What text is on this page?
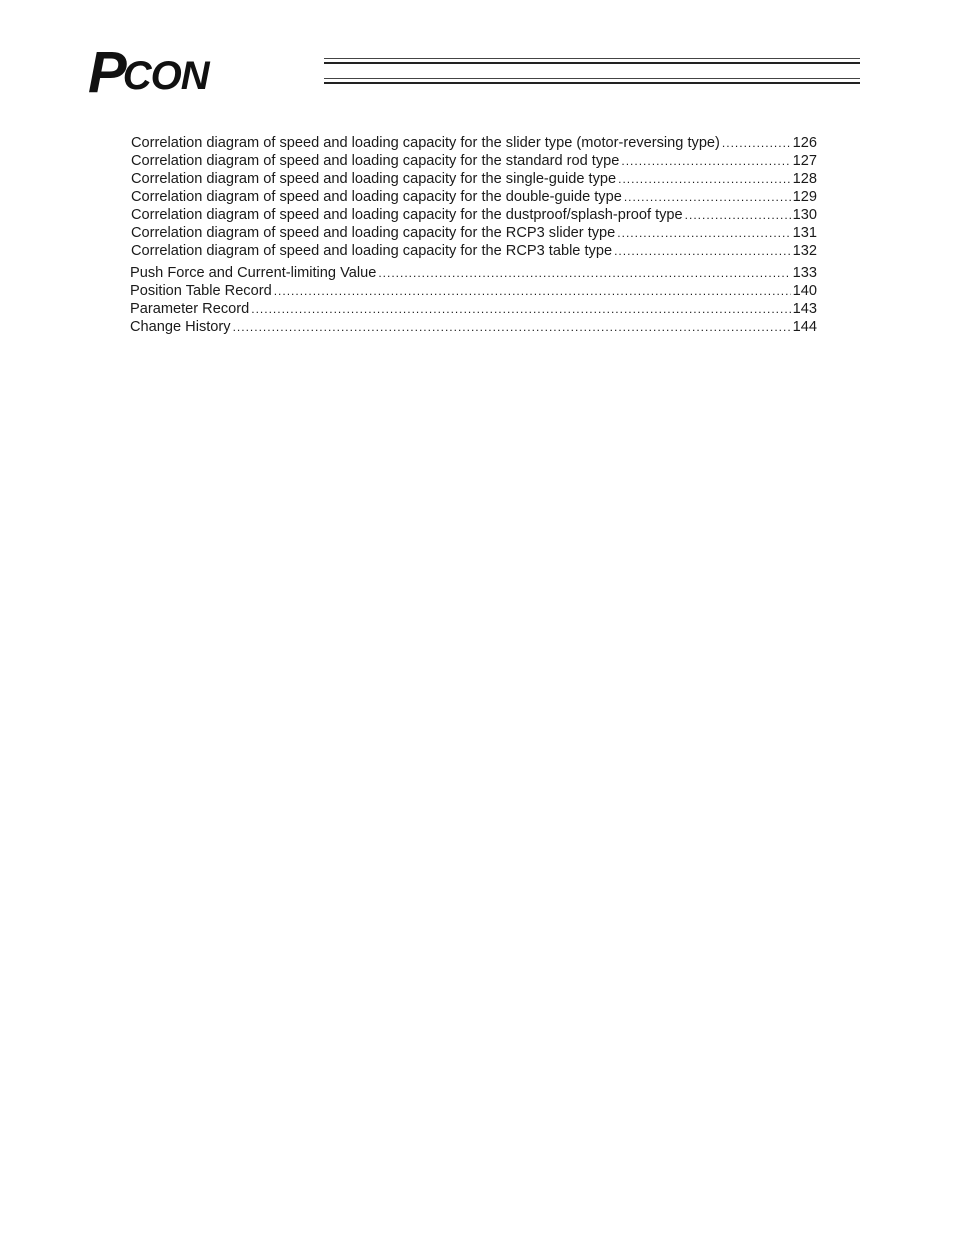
P
CON
Correlation diagram of speed and loading capacity for the slider type (motor-reversing type) .....	126
Correlation diagram of speed and loading capacity for the standard rod type .....	127
Correlation diagram of speed and loading capacity for the single-guide type .....	128
Correlation diagram of speed and loading capacity for the double-guide type .....	129
Correlation diagram of speed and loading capacity for the dustproof/splash-proof type .....	130
Correlation diagram of speed and loading capacity for the RCP3 slider type .....	131
Correlation diagram of speed and loading capacity for the RCP3 table type .....	132
Push Force and Current-limiting Value .....	133
Position Table Record .....	140
Parameter Record .....	143
Change History .....	144
